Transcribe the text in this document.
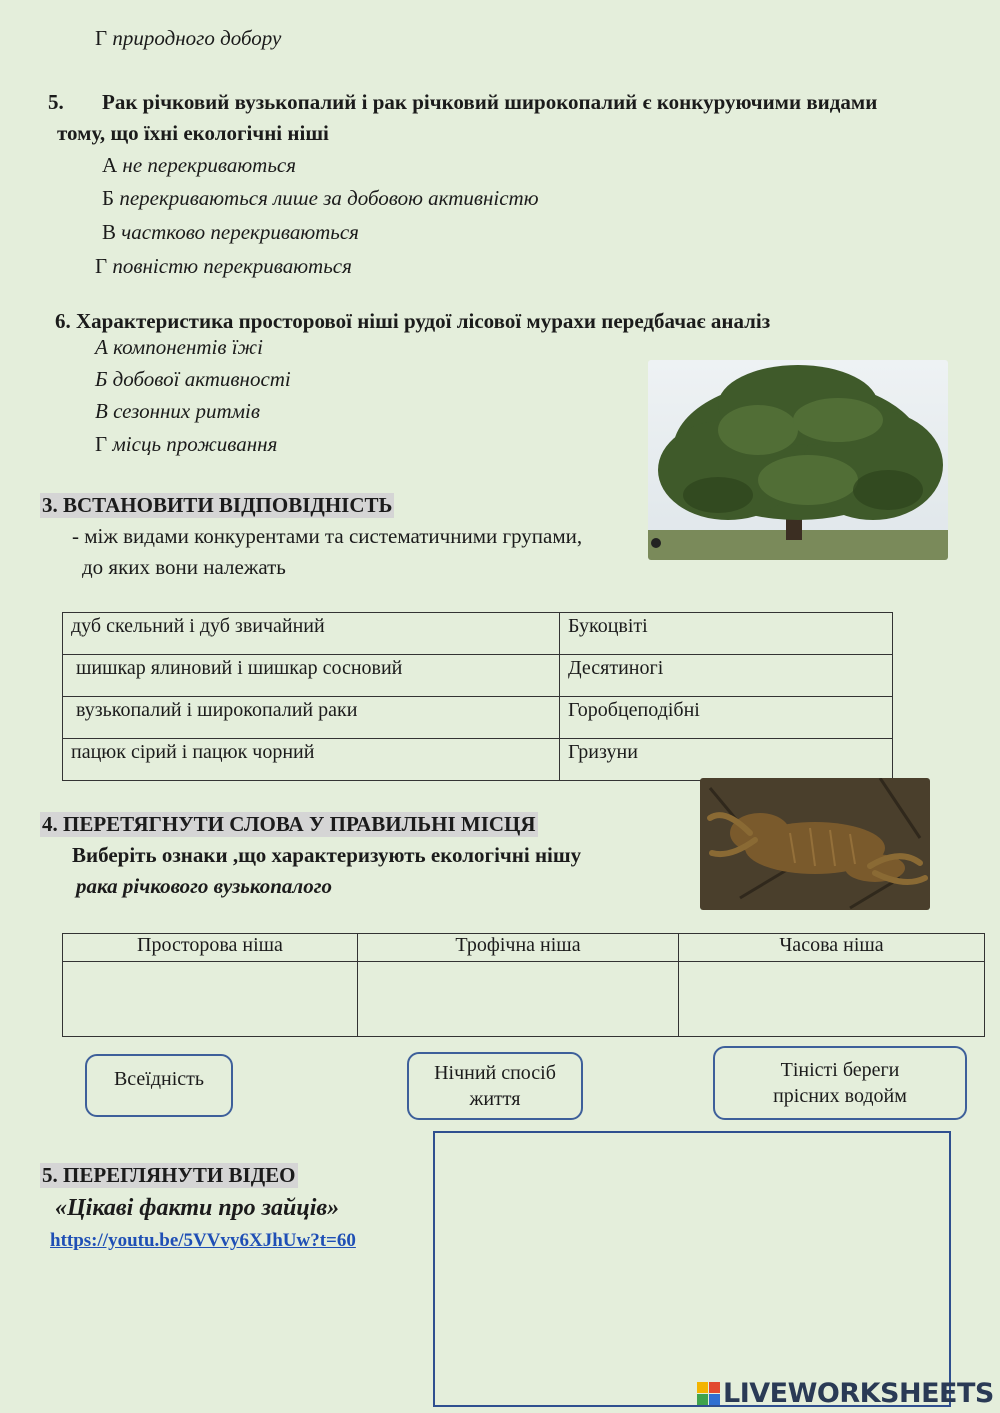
Г природного добору
5. Рак річковий вузькопалий і рак річковий широкопалий є конкуруючими видами
тому, що їхні екологічні ніші
А не перекриваються
Б перекриваються лише за добовою активністю
В частково перекриваються
Г повністю перекриваються
6. Характеристика просторової ніші рудої лісової мурахи передбачає аналіз
А компонентів їжі
Б добової активності
В сезонних ритмів
Г місць проживання
3. ВСТАНОВИТИ ВІДПОВІДНІСТЬ
- між видами конкурентами та систематичними групами,
до яких вони належать
дуб скельний і дуб звичайний	Букоцвіті
шишкар ялиновий і шишкар сосновий	Десятиногі
вузькопалий і широкопалий раки	Горобцеподібні
пацюк сірий і пацюк чорний	Гризуни
4. ПЕРЕТЯГНУТИ СЛОВА У ПРАВИЛЬНІ МІСЦЯ
Виберіть ознаки ,що характеризують екологічні нішу
рака річкового вузькопалого
Просторова ніша	Трофічна ніша	Часова ніша

Всеїдність	Нічний спосіб життя
Тіністі береги прісних водойм
5. ПЕРЕГЛЯНУТИ ВІДЕО
«Цікаві факти про зайців»
https://youtu.be/5VVvy6XJhUw?t=60
LIVEWORKSHEETS
